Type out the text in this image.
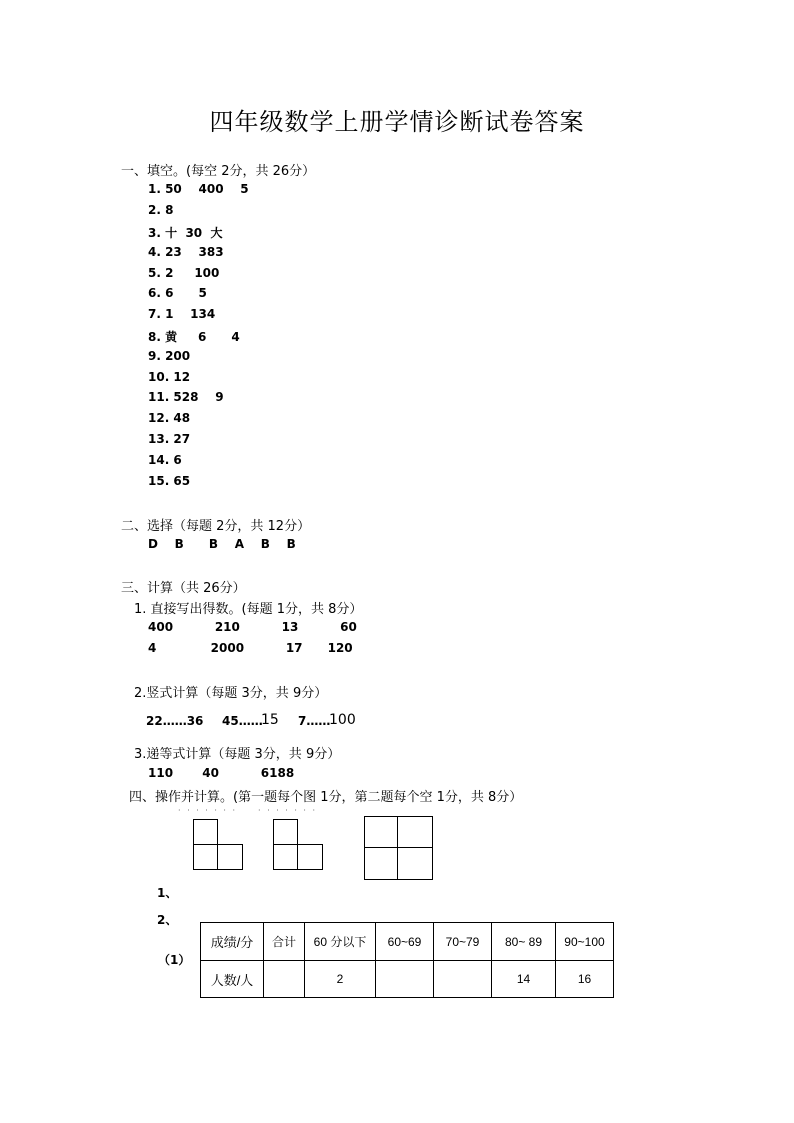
四年级数学上册学情诊断试卷答案
一、填空。(每空 2分，共 26分）
1. 50    400    5
2. 8
3. 十  30  大
4. 23    383
5. 2     100
6. 6      5
7. 1    134
8. 黄     6      4
9. 200
10. 12
11. 528    9
12. 48
13. 27
14. 6
15. 65
二、选择（每题 2分，共 12分）
D    B      B    A    B    B
三、计算（共 26分）
1. 直接写出得数。(每题 1分，共 8分）
400          210          13          60
4             2000          17      120
2.竖式计算（每题 3分，共 9分）
22……36 45……
15 7……
100
3.递等式计算（每题 3分，共 9分）
110       40          6188
四、操作并计算。(第一题每个图 1分，第二题每个空 1分，共 8分）
· · · · · · ·	· · · · · · ·
1、
2、
（1）
成绩/分	合计	60 分以下	60~69	70~79	80~ 89	90~100
人数/人		2			14	16
